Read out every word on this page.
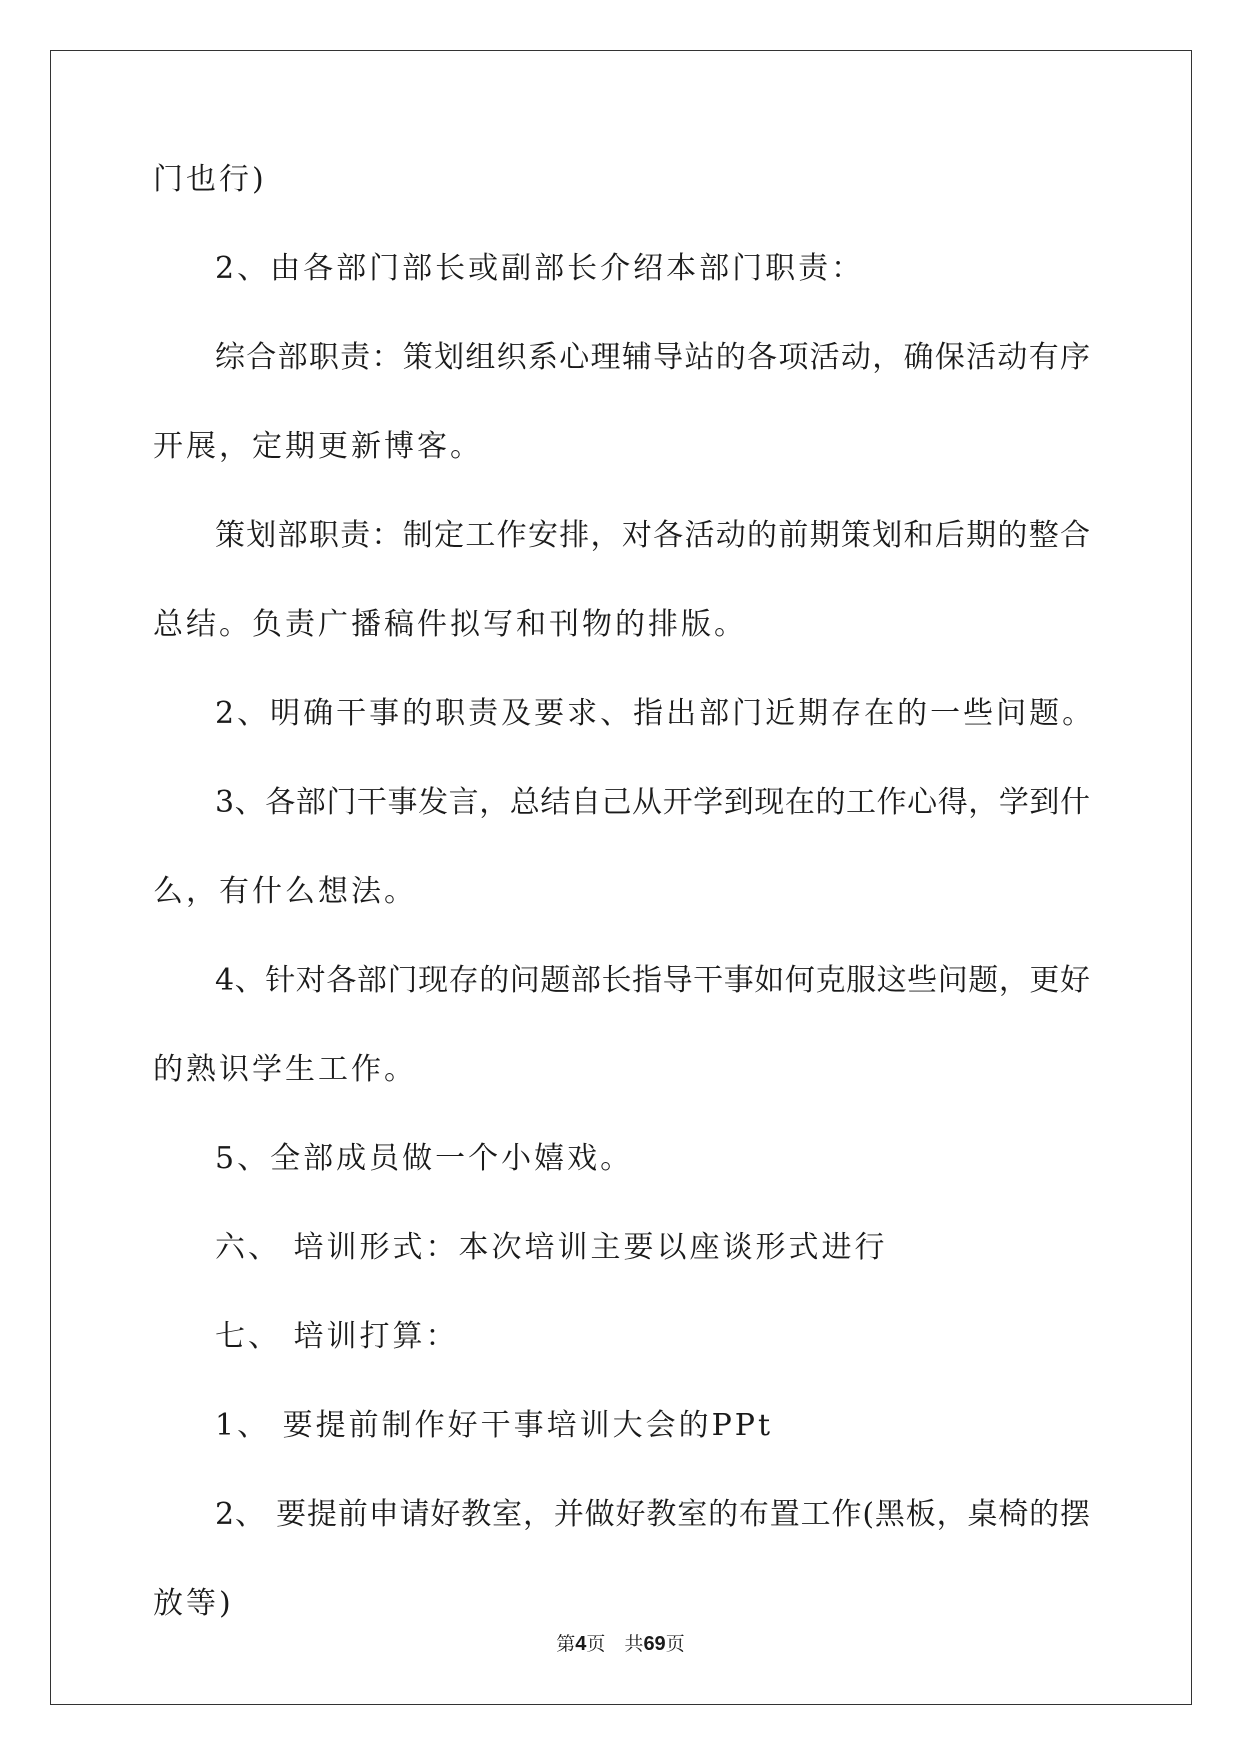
门也行)
2、由各部门部长或副部长介绍本部门职责：
综合部职责：策划组织系心理辅导站的各项活动，确保活动有序
开展，定期更新博客。
策划部职责：制定工作安排，对各活动的前期策划和后期的整合
总结。负责广播稿件拟写和刊物的排版。
2、明确干事的职责及要求、指出部门近期存在的一些问题。
3、各部门干事发言，总结自己从开学到现在的工作心得，学到什
么，有什么想法。
4、针对各部门现存的问题部长指导干事如何克服这些问题，更好
的熟识学生工作。
5、全部成员做一个小嬉戏。
六、 培训形式：本次培训主要以座谈形式进行
七、 培训打算：
1、 要提前制作好干事培训大会的PPt
2、 要提前申请好教室，并做好教室的布置工作(黑板，桌椅的摆
放等)
第4页　共69页
